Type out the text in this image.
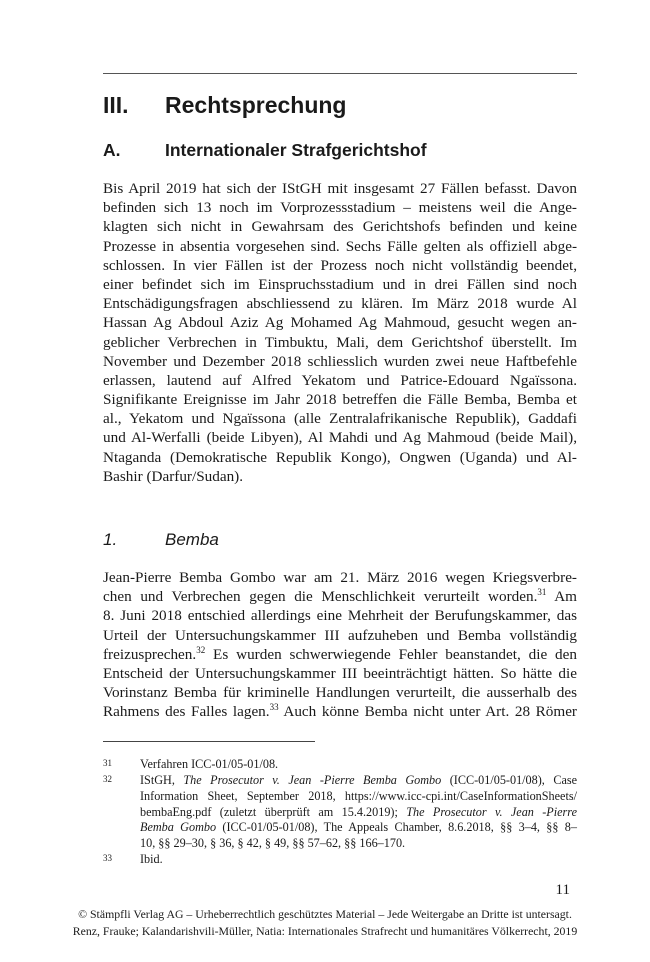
III. Rechtsprechung
A.	Internationaler Strafgerichtshof
Bis April 2019 hat sich der IStGH mit insgesamt 27 Fällen befasst. Davon
befinden sich 13 noch im Vorprozessstadium – meistens weil die Ange-
klagten sich nicht in Gewahrsam des Gerichtshofs befinden und keine
Prozesse in absentia vorgesehen sind. Sechs Fälle gelten als offiziell abge-
schlossen. In vier Fällen ist der Prozess noch nicht vollständig beendet,
einer befindet sich im Einspruchsstadium und in drei Fällen sind noch
Entschädigungsfragen abschliessend zu klären. Im März 2018 wurde Al
Hassan Ag Abdoul Aziz Ag Mohamed Ag Mahmoud, gesucht wegen an-
geblicher Verbrechen in Timbuktu, Mali, dem Gerichtshof überstellt. Im
November und Dezember 2018 schliesslich wurden zwei neue Haftbefehle
erlassen, lautend auf Alfred Yekatom und Patrice-Edouard Ngaïssona.
Signifikante Ereignisse im Jahr 2018 betreffen die Fälle Bemba, Bemba et
al., Yekatom und Ngaïssona (alle Zentralafrikanische Republik), Gaddafi
und Al-Werfalli (beide Libyen), Al Mahdi und Ag Mahmoud (beide Mail),
Ntaganda (Demokratische Republik Kongo), Ongwen (Uganda) und Al-
Bashir (Darfur/Sudan).
1.	Bemba
Jean-Pierre Bemba Gombo war am 21. März 2016 wegen Kriegsverbre-
chen und Verbrechen gegen die Menschlichkeit verurteilt worden.$^{31}$ Am
8. Juni 2018 entschied allerdings eine Mehrheit der Berufungskammer, das
Urteil der Untersuchungskammer III aufzuheben und Bemba vollständig
freizusprechen.$^{32}$ Es wurden schwerwiegende Fehler beanstandet, die den
Entscheid der Untersuchungskammer III beeinträchtigt hätten. So hätte die
Vorinstanz Bemba für kriminelle Handlungen verurteilt, die ausserhalb des
Rahmens des Falles lagen.$^{33}$ Auch könne Bemba nicht unter Art. 28 Römer
31 Verfahren ICC-01/05-01/08.
32 IStGH, The Prosecutor v. Jean -Pierre Bemba Gombo (ICC-01/05-01/08), Case
Information Sheet, September 2018, https://www.icc-cpi.int/CaseInformationSheets/
bembaEng.pdf (zuletzt überprüft am 15.4.2019); The Prosecutor v. Jean -Pierre
Bemba Gombo (ICC-01/05-01/08), The Appeals Chamber, 8.6.2018, §§ 3–4, §§ 8–
10, §§ 29–30, § 36, § 42, § 49, §§ 57–62, §§ 166–170.
33 Ibid.
11
© Stämpfli Verlag AG – Urheberrechtlich geschütztes Material – Jede Weitergabe an Dritte ist untersagt.
Renz, Frauke; Kalandarishvili-Müller, Natia: Internationales Strafrecht und humanitäres Völkerrecht, 2019
